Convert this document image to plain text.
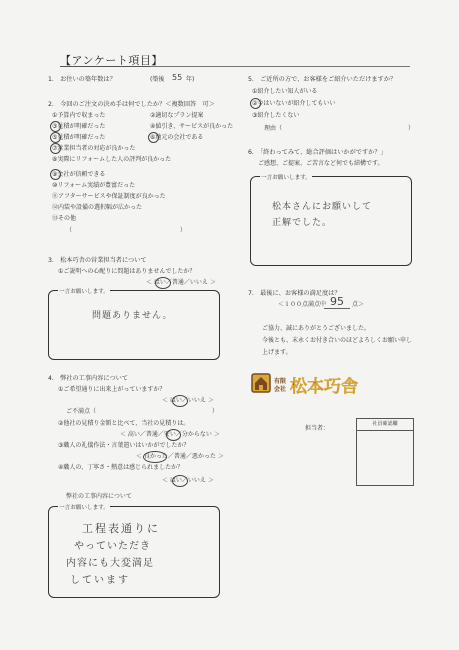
【アンケート項目】
1.　お住いの築年数は？	(築後 55 年)
2.　今回のご注文の決め手は何でしたか？＜複数回答　可＞
①予算内で収まった	②適切なプラン提案
③見積が明確だった	④値引き、サービスが良かった
⑤見積が明確だった	⑥地元の会社である
⑦営業担当者の対応が良かった
⑧実際にリフォームした人の評判が良かった
⑨会社が信頼できる
⑩リフォーム実績が豊富だった
⑪アフターサービスや保証制度が良かった
⑫内装や設備の選択幅が広かった
⑬その他
（　　　　　　　　　　　　　　　　　　）
3.　松本巧舎の営業担当者について
①ご説明への心配りに問題はありませんでしたか？
＜ はい／普通／いいえ ＞
一言お願いします。
問題ありません。
4.　弊社の工事内容について
①ご希望通りに出来上がっていますか？
＜ はい／いいえ ＞
ご不満点（	）
②他社の見積り金額と比べて、当社の見積りは。
＜ 高い／普通／安い／分からない ＞
③職人の礼儀作法・言葉遣いはいかがでしたか？
＜ 良かった／普通／悪かった ＞
④職人の、丁寧さ・熱意は感じられましたか？
＜ はい／いいえ ＞
弊社の工事内容について
一言お願いします。
工程表通りに
やっていただき
内容にも大変満足
しています
5.　ご近所の方で、お客様をご紹介いただけますか？
①紹介したい知人がいる
②今はいないが紹介してもいい
③紹介したくない
理由（	）
6.　「終わってみて、総合評価はいかがですか？」
ご感想、ご提案、ご苦言など何でも結構です。
一言お願いします。
松本さんにお願いして
正解でした。
7.　最後に、お客様の満足度は？
＜１００点満点中 95 点＞
ご協力、誠にありがとうございました。
今後とも、末永くお付き合いのほどよろしくお願い申し
上げます。
有限
会社 松本巧舎
担当者：
社員確認欄
